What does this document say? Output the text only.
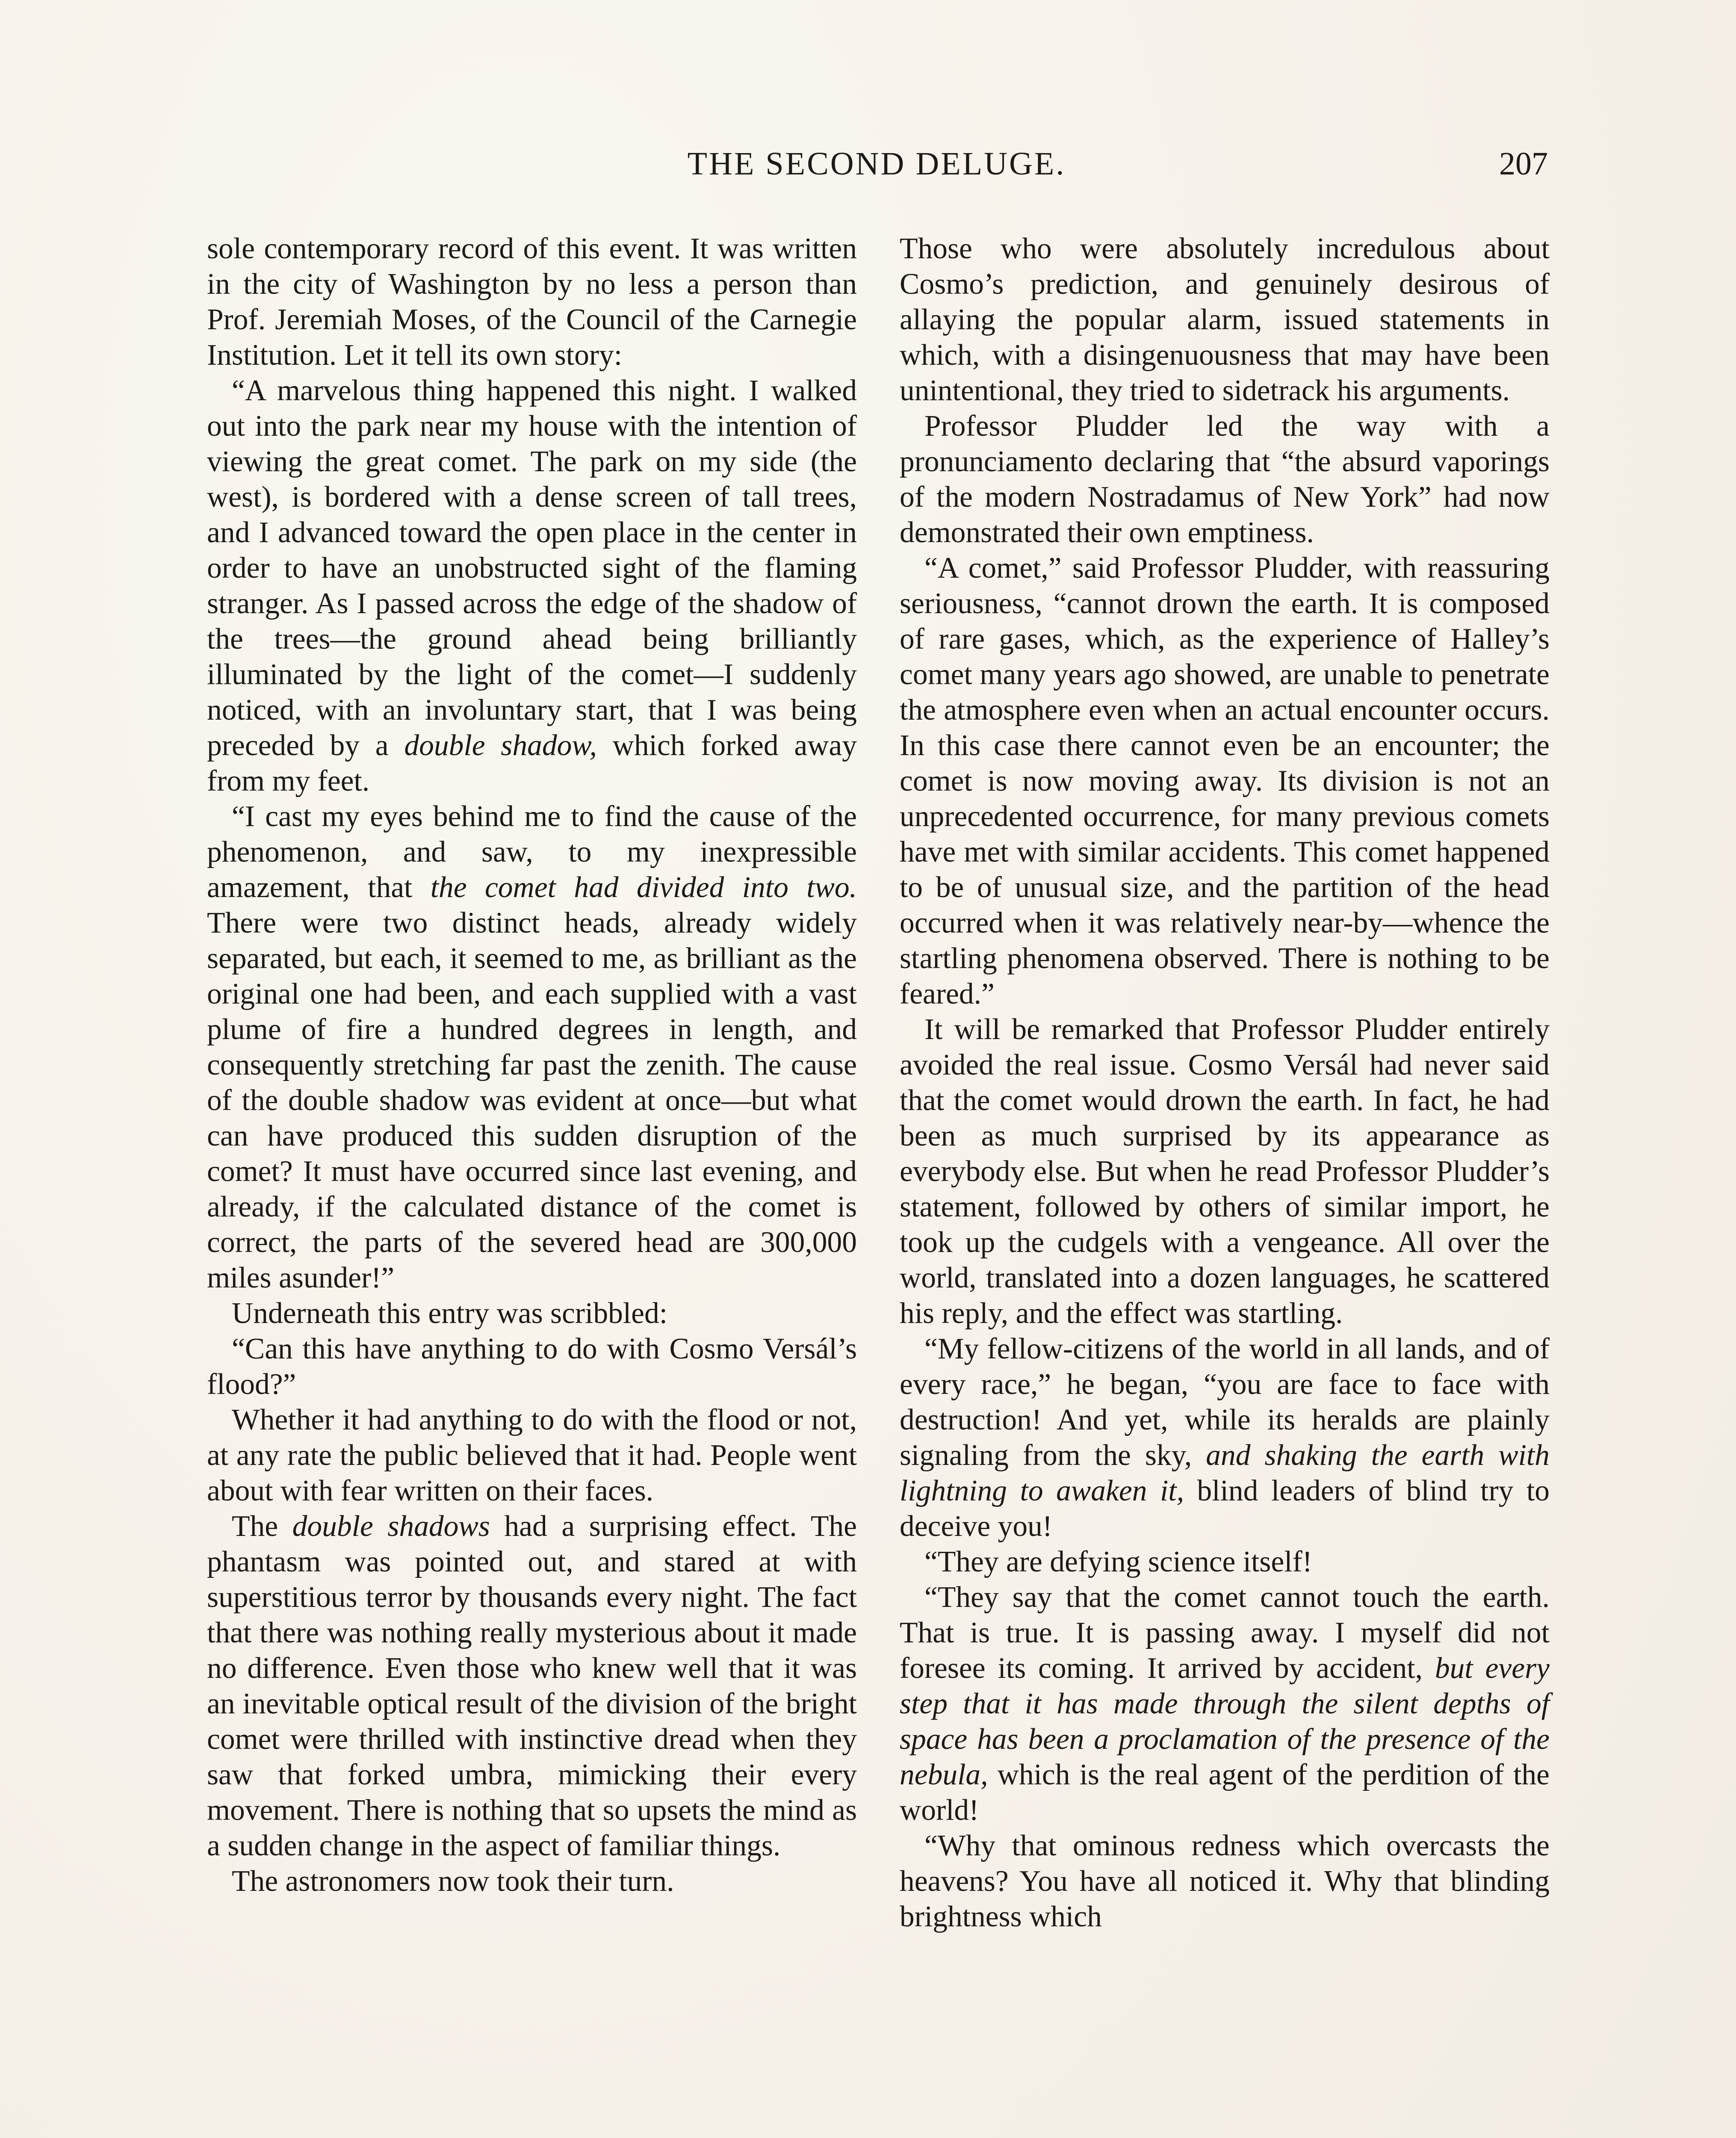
THE SECOND DELUGE.	207

sole contemporary record of this event. It was written in the city of Washington by no less a person than Prof. Jeremiah Moses, of the Council of the Carnegie Institution. Let it tell its own story:

“A marvelous thing happened this night. I walked out into the park near my house with the intention of viewing the great comet. The park on my side (the west), is bordered with a dense screen of tall trees, and I advanced toward the open place in the center in order to have an unobstructed sight of the flaming stranger. As I passed across the edge of the shadow of the trees—the ground ahead being brilliantly illuminated by the light of the comet—I suddenly noticed, with an involuntary start, that I was being preceded by a double shadow, which forked away from my feet.

“I cast my eyes behind me to find the cause of the phenomenon, and saw, to my inexpressible amazement, that the comet had divided into two. There were two distinct heads, already widely separated, but each, it seemed to me, as brilliant as the original one had been, and each supplied with a vast plume of fire a hundred degrees in length, and consequently stretching far past the zenith. The cause of the double shadow was evident at once—but what can have produced this sudden disruption of the comet? It must have occurred since last evening, and already, if the calculated distance of the comet is correct, the parts of the severed head are 300,000 miles asunder!”

Underneath this entry was scribbled:

“Can this have anything to do with Cosmo Versál’s flood?”

Whether it had anything to do with the flood or not, at any rate the public believed that it had. People went about with fear written on their faces.

The double shadows had a surprising effect. The phantasm was pointed out, and stared at with superstitious terror by thousands every night. The fact that there was nothing really mysterious about it made no difference. Even those who knew well that it was an inevitable optical result of the division of the bright comet were thrilled with instinctive dread when they saw that forked umbra, mimicking their every movement. There is nothing that so upsets the mind as a sudden change in the aspect of familiar things.

The astronomers now took their turn.

Those who were absolutely incredulous about Cosmo’s prediction, and genuinely desirous of allaying the popular alarm, issued statements in which, with a disingenuousness that may have been unintentional, they tried to sidetrack his arguments.

Professor Pludder led the way with a pronunciamento declaring that “the absurd vaporings of the modern Nostradamus of New York” had now demonstrated their own emptiness.

“A comet,” said Professor Pludder, with reassuring seriousness, “cannot drown the earth. It is composed of rare gases, which, as the experience of Halley’s comet many years ago showed, are unable to penetrate the atmosphere even when an actual encounter occurs. In this case there cannot even be an encounter; the comet is now moving away. Its division is not an unprecedented occurrence, for many previous comets have met with similar accidents. This comet happened to be of unusual size, and the partition of the head occurred when it was relatively near-by—whence the startling phenomena observed. There is nothing to be feared.”

It will be remarked that Professor Pludder entirely avoided the real issue. Cosmo Versál had never said that the comet would drown the earth. In fact, he had been as much surprised by its appearance as everybody else. But when he read Professor Pludder’s statement, followed by others of similar import, he took up the cudgels with a vengeance. All over the world, translated into a dozen languages, he scattered his reply, and the effect was startling.

“My fellow-citizens of the world in all lands, and of every race,” he began, “you are face to face with destruction! And yet, while its heralds are plainly signaling from the sky, and shaking the earth with lightning to awaken it, blind leaders of blind try to deceive you!

“They are defying science itself!

“They say that the comet cannot touch the earth. That is true. It is passing away. I myself did not foresee its coming. It arrived by accident, but every step that it has made through the silent depths of space has been a proclamation of the presence of the nebula, which is the real agent of the perdition of the world!

“Why that ominous redness which overcasts the heavens? You have all noticed it. Why that blinding brightness which
